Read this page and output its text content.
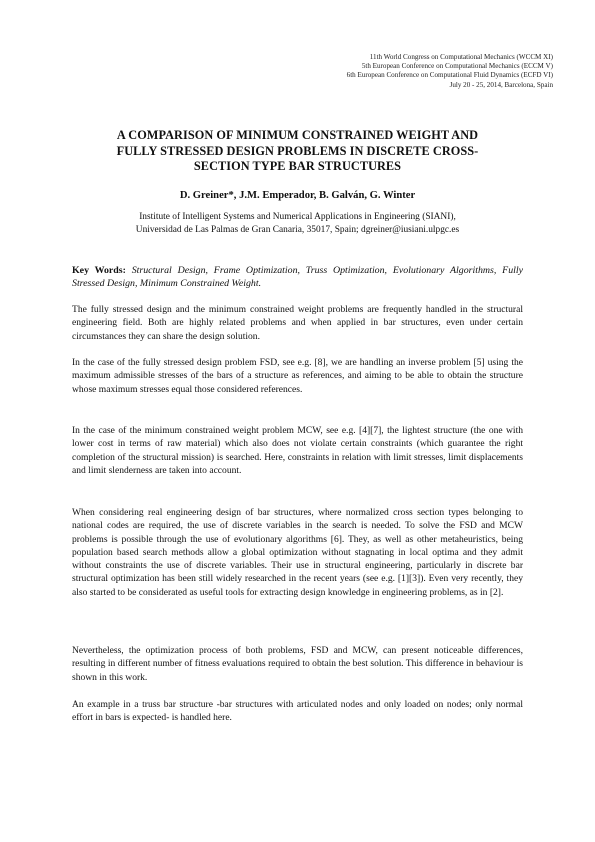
11th World Congress on Computational Mechanics (WCCM XI)
5th European Conference on Computational Mechanics (ECCM V)
6th European Conference on Computational Fluid Dynamics (ECFD VI)
July 20 - 25, 2014, Barcelona, Spain
A COMPARISON OF MINIMUM CONSTRAINED WEIGHT AND
FULLY STRESSED DESIGN PROBLEMS IN DISCRETE CROSS-
SECTION TYPE BAR STRUCTURES
D. Greiner*, J.M. Emperador, B. Galván, G. Winter
Institute of Intelligent Systems and Numerical Applications in Engineering (SIANI),
Universidad de Las Palmas de Gran Canaria, 35017, Spain; dgreiner@iusiani.ulpgc.es
Key Words: Structural Design, Frame Optimization, Truss Optimization, Evolutionary Algorithms, Fully Stressed Design, Minimum Constrained Weight.

The fully stressed design and the minimum constrained weight problems are frequently handled in the structural engineering field. Both are highly related problems and when applied in bar structures, even under certain circumstances they can share the design solution.

In the case of the fully stressed design problem FSD, see e.g. [8], we are handling an inverse problem [5] using the maximum admissible stresses of the bars of a structure as references, and aiming to be able to obtain the structure whose maximum stresses equal those considered references.

In the case of the minimum constrained weight problem MCW, see e.g. [4][7], the lightest structure (the one with lower cost in terms of raw material) which also does not violate certain constraints (which guarantee the right completion of the structural mission) is searched. Here, constraints in relation with limit stresses, limit displacements and limit slenderness are taken into account.

When considering real engineering design of bar structures, where normalized cross section types belonging to national codes are required, the use of discrete variables in the search is needed. To solve the FSD and MCW problems is possible through the use of evolutionary algorithms [6]. They, as well as other metaheuristics, being population based search methods allow a global optimization without stagnating in local optima and they admit without constraints the use of discrete variables. Their use in structural engineering, particularly in discrete bar structural optimization has been still widely researched in the recent years (see e.g. [1][3]). Even very recently, they also started to be considerated as useful tools for extracting design knowledge in engineering problems, as in [2].

Nevertheless, the optimization process of both problems, FSD and MCW, can present noticeable differences, resulting in different number of fitness evaluations required to obtain the best solution. This difference in behaviour is shown in this work.

An example in a truss bar structure -bar structures with articulated nodes and only loaded on nodes; only normal effort in bars is expected- is handled here.
